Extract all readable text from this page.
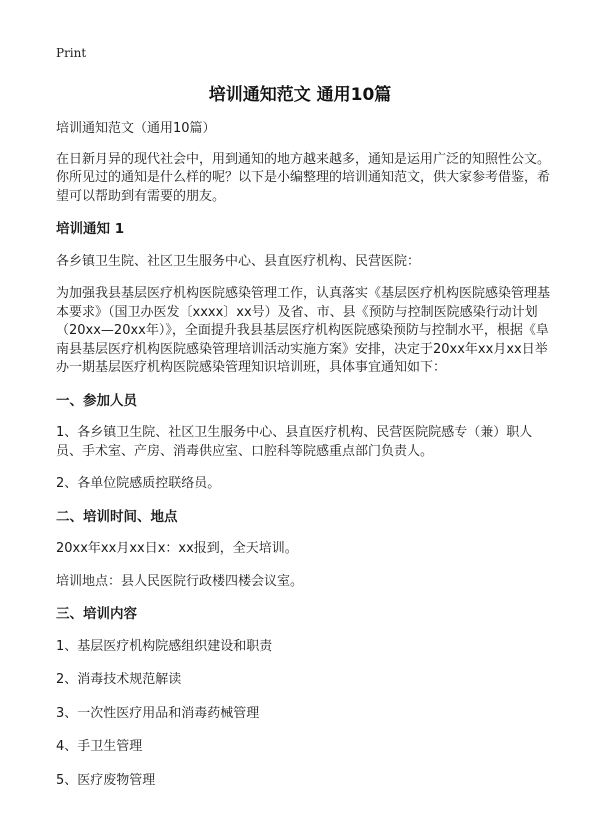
Print
培训通知范文 通用10篇

培训通知范文（通用10篇）

在日新月异的现代社会中，用到通知的地方越来越多，通知是运用广泛的知照性公文。你所见过的通知是什么样的呢？以下是小编整理的培训通知范文，供大家参考借鉴，希望可以帮助到有需要的朋友。

培训通知 1

各乡镇卫生院、社区卫生服务中心、县直医疗机构、民营医院：

为加强我县基层医疗机构医院感染管理工作，认真落实《基层医疗机构医院感染管理基本要求》（国卫办医发〔xxxx〕xx号）及省、市、县《预防与控制医院感染行动计划（20xx—20xx年）》，全面提升我县基层医疗机构医院感染预防与控制水平，根据《阜南县基层医疗机构医院感染管理培训活动实施方案》安排，决定于20xx年xx月xx日举办一期基层医疗机构医院感染管理知识培训班，具体事宜通知如下：

一、参加人员

1、各乡镇卫生院、社区卫生服务中心、县直医疗机构、民营医院院感专（兼）职人员、手术室、产房、消毒供应室、口腔科等院感重点部门负责人。

2、各单位院感质控联络员。

二、培训时间、地点

20xx年xx月xx日x：xx报到，全天培训。

培训地点：县人民医院行政楼四楼会议室。

三、培训内容

1、基层医疗机构院感组织建设和职责

2、消毒技术规范解读

3、一次性医疗用品和消毒药械管理

4、手卫生管理

5、医疗废物管理
